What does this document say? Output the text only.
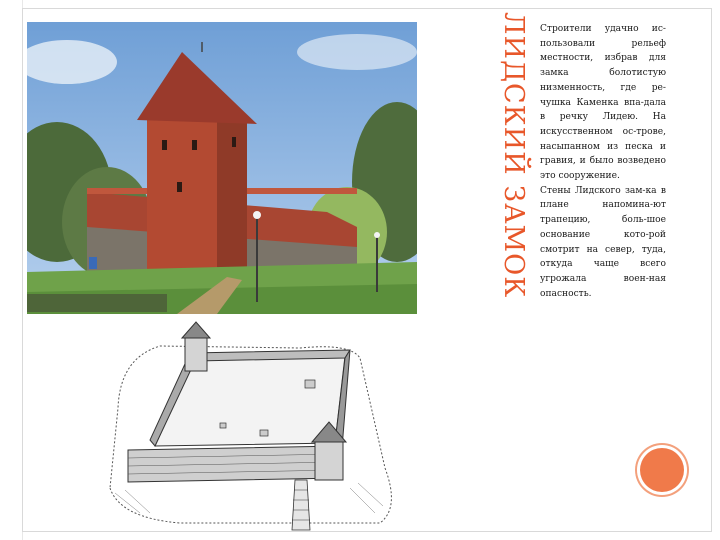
ЛИДСКИЙ ЗАМОК Строители удачно ис-пользовали рельеф местности, избрав для замка болотистую низменность, где ре-чушка Каменка впа-дала в речку Лидею. На искусственном ос-трове, насыпанном из песка и гравия, и было возведено это сооружение.

Стены Лидского зам-ка в плане напомина-ют трапецию, боль-шое основание кото-рой смотрит на север, туда, откуда чаще всего угрожала воен-ная опасность.
